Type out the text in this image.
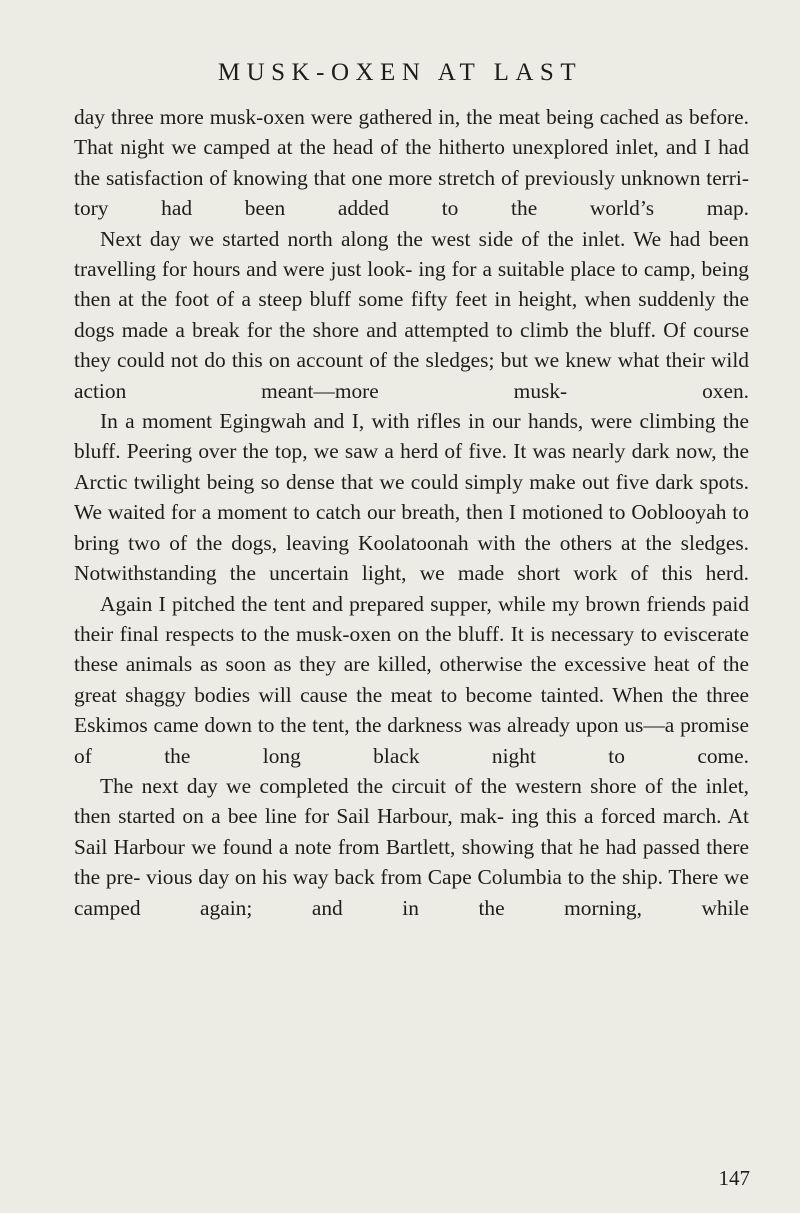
MUSK-OXEN AT LAST

day three more musk-oxen were gathered in, the meat being cached as before. That night we camped at the head of the hitherto unexplored inlet, and I had the satisfaction of knowing that one more stretch of previously unknown terri- tory had been added to the world’s map.

Next day we started north along the west side of the inlet. We had been travelling for hours and were just look- ing for a suitable place to camp, being then at the foot of a steep bluff some fifty feet in height, when suddenly the dogs made a break for the shore and attempted to climb the bluff. Of course they could not do this on account of the sledges; but we knew what their wild action meant—more musk- oxen.

In a moment Egingwah and I, with rifles in our hands, were climbing the bluff. Peering over the top, we saw a herd of five. It was nearly dark now, the Arctic twilight being so dense that we could simply make out five dark spots. We waited for a moment to catch our breath, then I motioned to Ooblooyah to bring two of the dogs, leaving Koolatoonah with the others at the sledges. Notwithstanding the uncertain light, we made short work of this herd.

Again I pitched the tent and prepared supper, while my brown friends paid their final respects to the musk-oxen on the bluff. It is necessary to eviscerate these animals as soon as they are killed, otherwise the excessive heat of the great shaggy bodies will cause the meat to become tainted. When the three Eskimos came down to the tent, the darkness was already upon us—a promise of the long black night to come.

The next day we completed the circuit of the western shore of the inlet, then started on a bee line for Sail Harbour, mak- ing this a forced march. At Sail Harbour we found a note from Bartlett, showing that he had passed there the pre- vious day on his way back from Cape Columbia to the ship. There we camped again; and in the morning, while

147
